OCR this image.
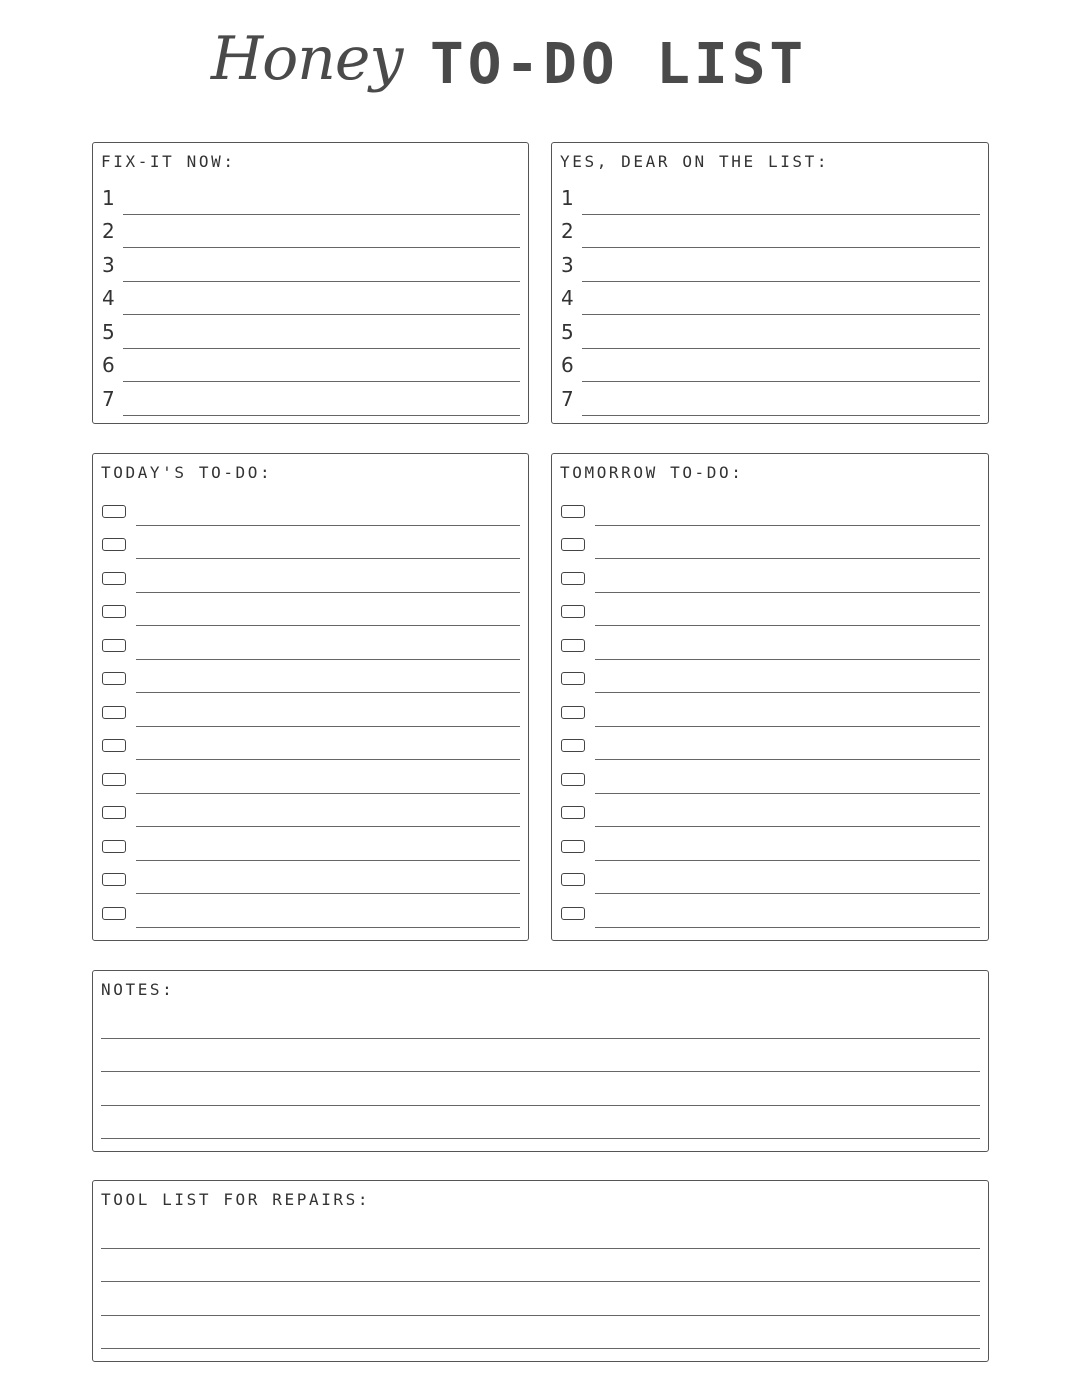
Honey TO-DO LIST
FIX-IT NOW:
1
2
3
4
5
6
7
YES, DEAR ON THE LIST:
1
2
3
4
5
6
7
TODAY'S TO-DO:	TOMORROW TO-DO:
NOTES:
TOOL LIST FOR REPAIRS:
